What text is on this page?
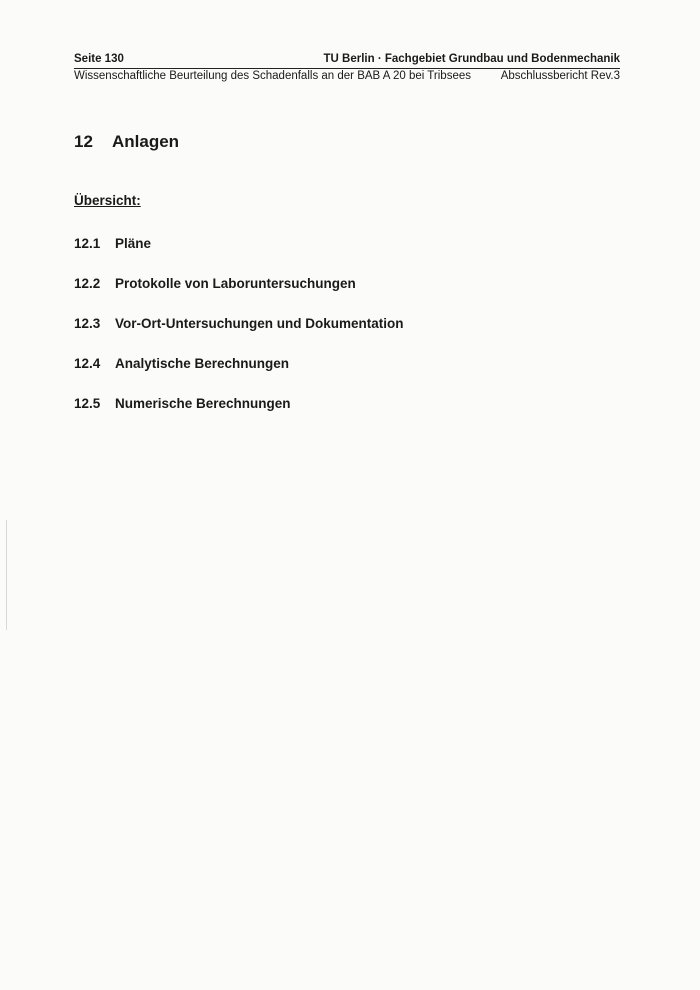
Seite 130	TU Berlin · Fachgebiet Grundbau und Bodenmechanik
Wissenschaftliche Beurteilung des Schadenfalls an der BAB A 20 bei Tribsees	Abschlussbericht Rev.3
12 Anlagen
Übersicht:
12.1 Pläne
12.2 Protokolle von Laboruntersuchungen
12.3 Vor-Ort-Untersuchungen und Dokumentation
12.4 Analytische Berechnungen
12.5 Numerische Berechnungen
